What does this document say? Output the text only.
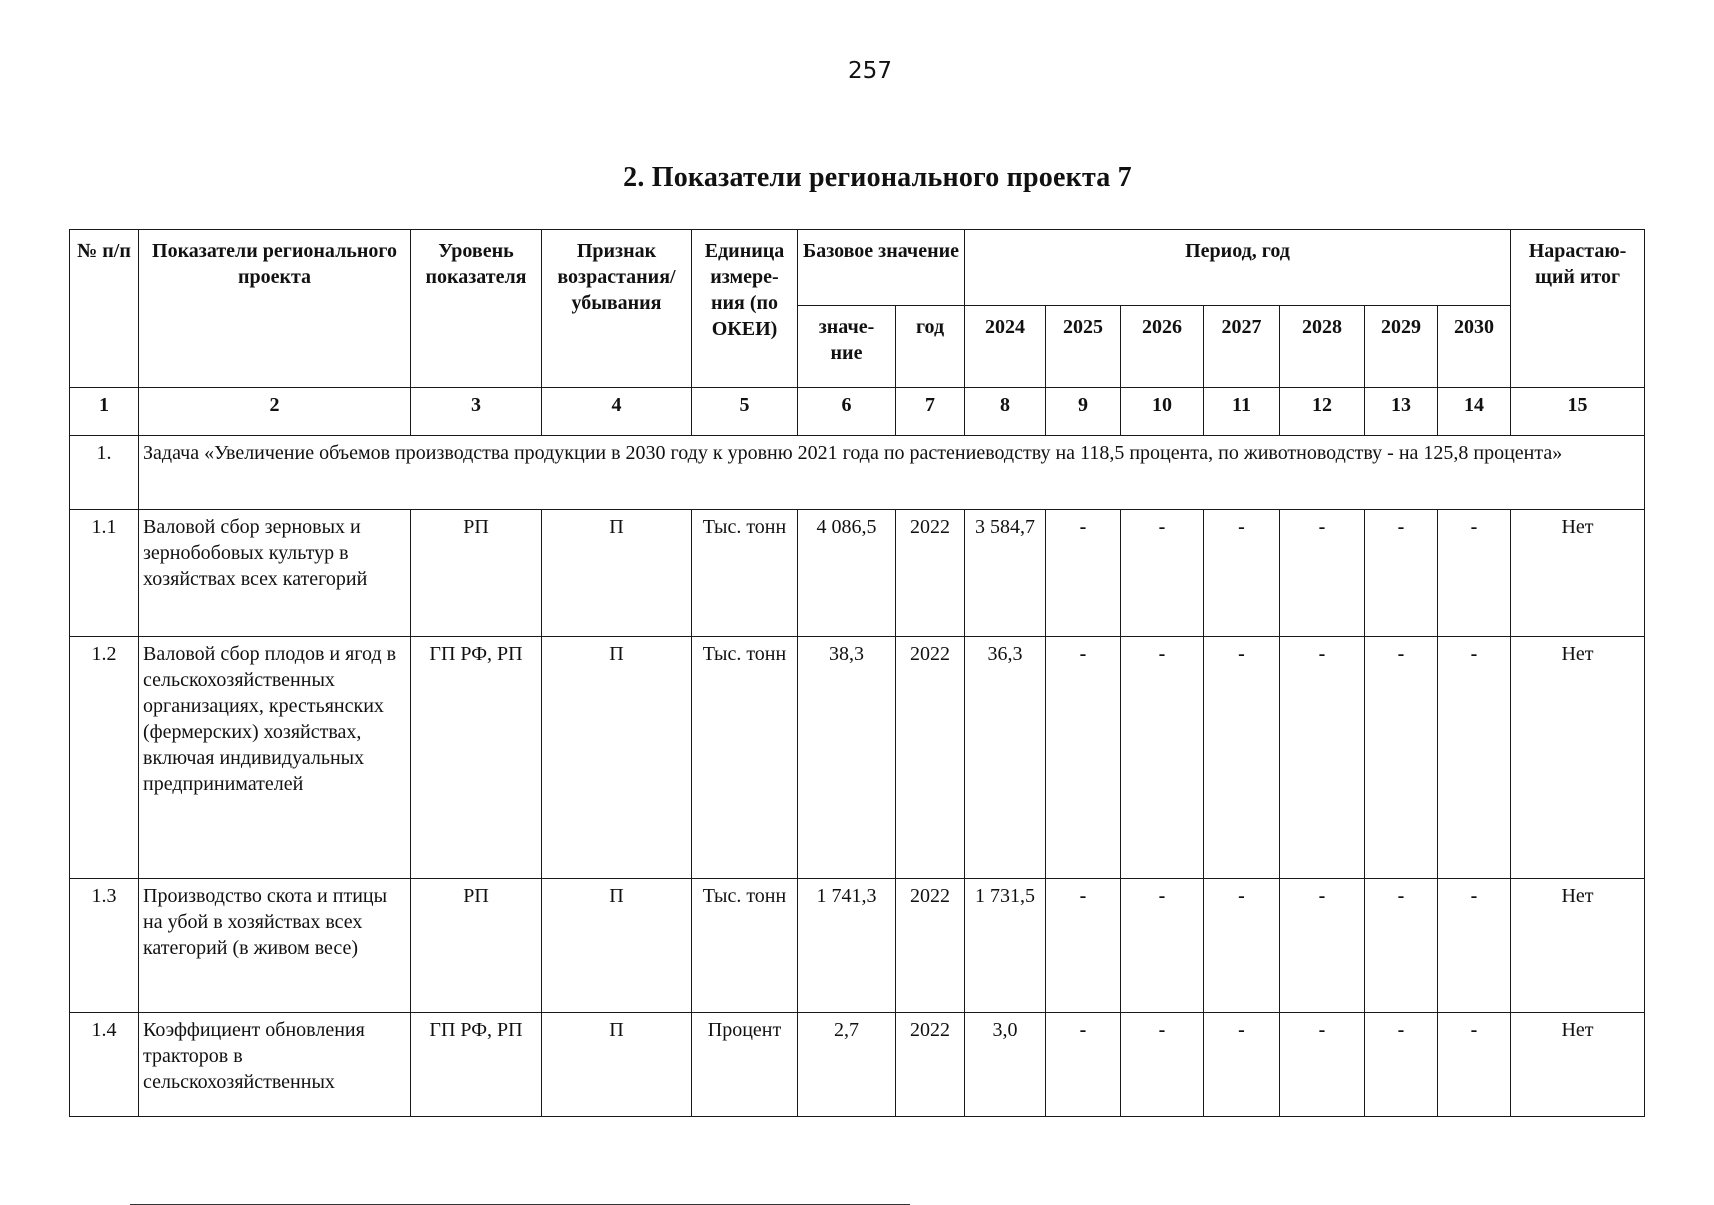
257
2. Показатели регионального проекта 7
№ п/п	Показатели регионального проекта	Уровень показателя	Признак возрастания/ убывания	Единица измере- ния (по ОКЕИ)	Базовое значение		Период, год							Нарастаю- щий итог
					значе- ние	год	2024	2025	2026	2027	2028	2029	2030	
1	2	3	4	5	6	7	8	9	10	11	12	13	14	15
1.	Задача «Увеличение объемов производства продукции в 2030 году к уровню 2021 года по растениеводству на 118,5 процента, по животноводству - на 125,8 процента»													
1.1	Валовой сбор зерновых и зернобобовых культур в хозяйствах всех категорий	РП	П	Тыс. тонн	4 086,5	2022	3 584,7	-	-	-	-	-	-	Нет
1.2	Валовой сбор плодов и ягод в сельскохозяйственных организациях, крестьянских (фермерских) хозяйствах, включая индивидуальных предпринимателей	ГП РФ, РП	П	Тыс. тонн	38,3	2022	36,3	-	-	-	-	-	-	Нет
1.3	Производство скота и птицы на убой в хозяйствах всех категорий (в живом весе)	РП	П	Тыс. тонн	1 741,3	2022	1 731,5	-	-	-	-	-	-	Нет
1.4	Коэффициент обновления тракторов в сельскохозяйственных	ГП РФ, РП	П	Процент	2,7	2022	3,0	-	-	-	-	-	-	Нет
